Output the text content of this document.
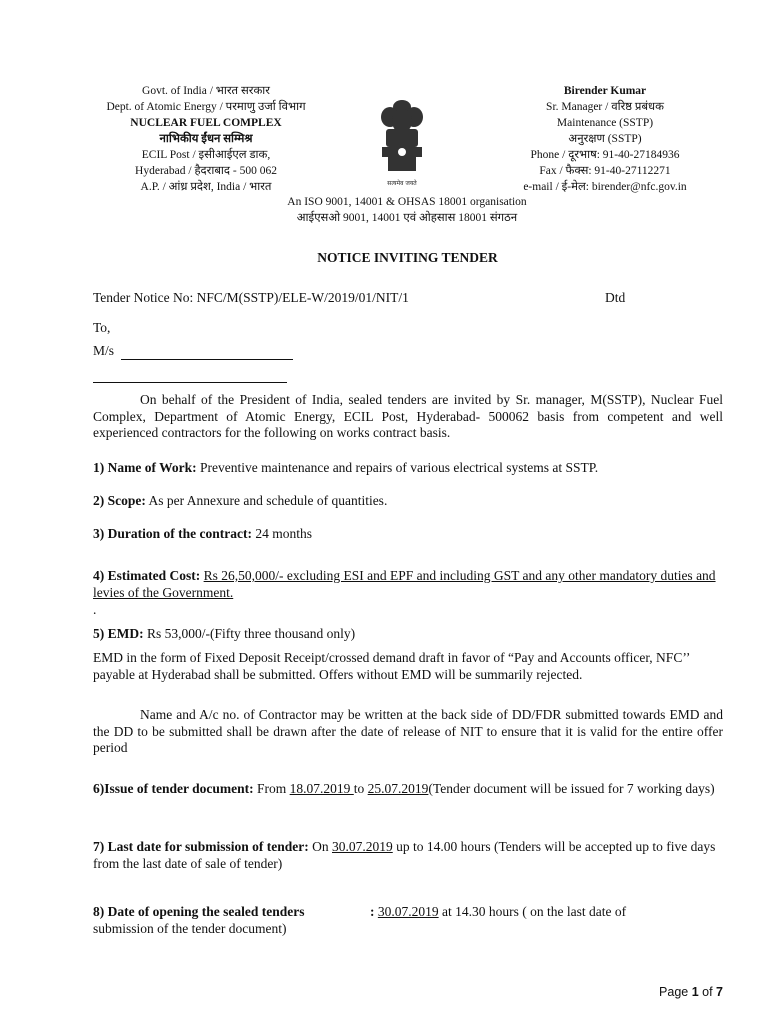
Govt. of India / भारत सरकार
Dept. of Atomic Energy / परमाणु उर्जा विभाग
NUCLEAR FUEL COMPLEX
नाभिकीय ईंधन सम्मिश्र
ECIL Post / इसीआईएल डाक,
Hyderabad / हैदराबाद - 500 062
A.P. / आंध्र प्रदेश, India / भारत	सत्यमेव जयते
Birender Kumar
Sr. Manager / वरिष्ठ प्रबंधक
Maintenance (SSTP)
अनुरक्षण (SSTP)
Phone / दूरभाष: 91-40-27184936
Fax / फैक्स: 91-40-27112271
e-mail / ई-मेल: birender@nfc.gov.in
An ISO 9001, 14001 & OHSAS 18001 organisation
आईएसओ 9001, 14001 एवं ओहसास 18001 संगठन
NOTICE INVITING TENDER
Tender Notice No: NFC/M(SSTP)/ELE-W/2019/01/NIT/1	Dtd
To,
M/s
On behalf of the President of India, sealed tenders are invited by Sr. manager, M(SSTP), Nuclear Fuel Complex, Department of Atomic Energy, ECIL Post, Hyderabad- 500062 basis from competent and well experienced contractors for the following on works contract basis.
1) Name of Work: Preventive maintenance and repairs of various electrical systems at SSTP.
2) Scope: As per Annexure and schedule of quantities.
3) Duration of the contract: 24 months
4) Estimated Cost: Rs 26,50,000/- excluding ESI and EPF and including GST and any other mandatory duties and levies of the Government.
.
5) EMD: Rs 53,000/-(Fifty three thousand only)
EMD in the form of Fixed Deposit Receipt/crossed demand draft in favor of “Pay and Accounts officer, NFC’’ payable at Hyderabad shall be submitted. Offers without EMD will be summarily rejected.
Name and A/c no. of Contractor may be written at the back side of DD/FDR submitted towards EMD and the DD to be submitted shall be drawn after the date of release of NIT to ensure that it is valid for the entire offer period
6)Issue of tender document: From 18.07.2019 to 25.07.2019(Tender document will be issued for 7 working days)
7) Last date for submission of tender: On 30.07.2019 up to 14.00 hours (Tenders will be accepted up to five days from the last date of sale of tender)
8) Date of opening the sealed tenders	: 30.07.2019 at 14.30 hours ( on the last date of
submission of the tender document)
Page 1 of 7
